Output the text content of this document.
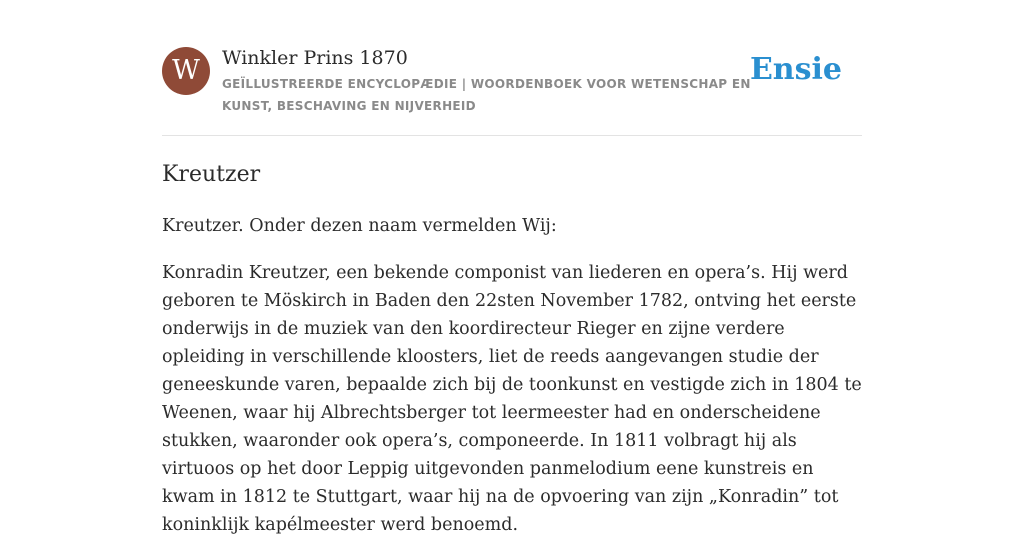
W	Winkler Prins 1870
GEÏLLUSTREERDE ENCYCLOPÆDIE | WOORDENBOEK VOOR WETENSCHAP EN KUNST, BESCHAVING EN NIJVERHEID
Ensie
Kreutzer

Kreutzer. Onder dezen naam vermelden Wij:

Konradin Kreutzer, een bekende componist van liederen en opera’s. Hij werd geboren te Möskirch in Baden den 22sten November 1782, ontving het eerste onderwijs in de muziek van den koordirecteur Rieger en zijne verdere opleiding in verschillende kloosters, liet de reeds aangevangen studie der geneeskunde varen, bepaalde zich bij de toonkunst en vestigde zich in 1804 te Weenen, waar hij Albrechtsberger tot leermeester had en onderscheidene stukken, waaronder ook opera’s, componeerde. In 1811 volbragt hij als virtuoos op het door Leppig uitgevonden panmelodium eene kunstreis en kwam in 1812 te Stuttgart, waar hij na de opvoering van zijn „Konradin” tot koninklijk kapélmeester werd benoemd.
